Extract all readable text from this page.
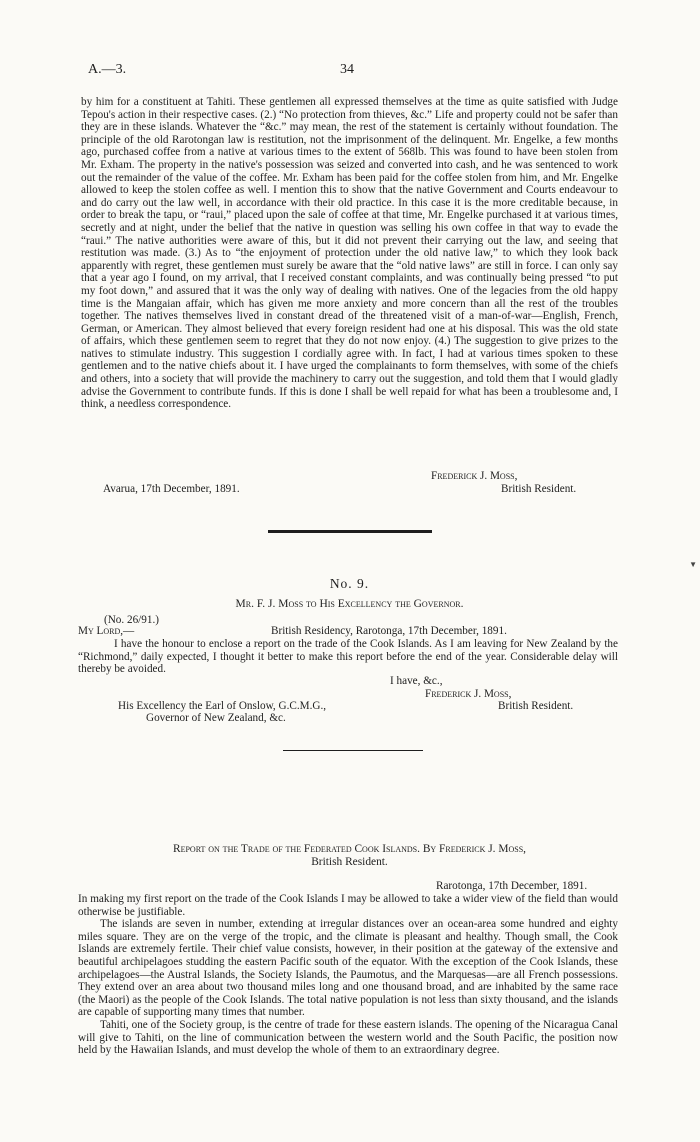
A.—3.	34

by him for a constituent at Tahiti. These gentlemen all expressed themselves at the time as quite satisfied with Judge Tepou's action in their respective cases. (2.) “No protection from thieves, &c.” Life and property could not be safer than they are in these islands. Whatever the “&c.” may mean, the rest of the statement is certainly without foundation. The principle of the old Rarotongan law is restitution, not the imprisonment of the delinquent. Mr. Engelke, a few months ago, purchased coffee from a native at various times to the extent of 568lb. This was found to have been stolen from Mr. Exham. The property in the native's possession was seized and converted into cash, and he was sentenced to work out the remainder of the value of the coffee. Mr. Exham has been paid for the coffee stolen from him, and Mr. Engelke allowed to keep the stolen coffee as well. I mention this to show that the native Government and Courts endeavour to and do carry out the law well, in accordance with their old practice. In this case it is the more creditable because, in order to break the tapu, or “raui,” placed upon the sale of coffee at that time, Mr. Engelke purchased it at various times, secretly and at night, under the belief that the native in question was selling his own coffee in that way to evade the “raui.” The native authorities were aware of this, but it did not prevent their carrying out the law, and seeing that restitution was made. (3.) As to “the enjoyment of protection under the old native law,” to which they look back apparently with regret, these gentlemen must surely be aware that the “old native laws” are still in force. I can only say that a year ago I found, on my arrival, that I received constant complaints, and was continually being pressed “to put my foot down,” and assured that it was the only way of dealing with natives. One of the legacies from the old happy time is the Mangaian affair, which has given me more anxiety and more concern than all the rest of the troubles together. The natives themselves lived in constant dread of the threatened visit of a man-of-war—English, French, German, or American. They almost believed that every foreign resident had one at his disposal. This was the old state of affairs, which these gentlemen seem to regret that they do not now enjoy. (4.) The suggestion to give prizes to the natives to stimulate industry. This suggestion I cordially agree with. In fact, I had at various times spoken to these gentlemen and to the native chiefs about it. I have urged the complainants to form themselves, with some of the chiefs and others, into a society that will provide the machinery to carry out the suggestion, and told them that I would gladly advise the Government to contribute funds. If this is done I shall be well repaid for what has been a troublesome and, I think, a needless correspondence.

Frederick J. Moss,
Avarua, 17th December, 1891.	British Resident.
No. 9.
Mr. F. J. Moss to His Excellency the Governor.
(No. 26/91.)
My Lord,—	British Residency, Rarotonga, 17th December, 1891.

I have the honour to enclose a report on the trade of the Cook Islands. As I am leaving for New Zealand by the “Richmond,” daily expected, I thought it better to make this report before the end of the year. Considerable delay will thereby be avoided.

I have, &c.,
Frederick J. Moss,
His Excellency the Earl of Onslow, G.C.M.G.,	British Resident.
Governor of New Zealand, &c.
Report on the Trade of the Federated Cook Islands. By Frederick J. Moss,
British Resident.
Rarotonga, 17th December, 1891.

In making my first report on the trade of the Cook Islands I may be allowed to take a wider view of the field than would otherwise be justifiable.

The islands are seven in number, extending at irregular distances over an ocean-area some hundred and eighty miles square. They are on the verge of the tropic, and the climate is pleasant and healthy. Though small, the Cook Islands are extremely fertile. Their chief value consists, however, in their position at the gateway of the extensive and beautiful archipelagoes studding the eastern Pacific south of the equator. With the exception of the Cook Islands, these archipelagoes—the Austral Islands, the Society Islands, the Paumotus, and the Marquesas—are all French possessions. They extend over an area about two thousand miles long and one thousand broad, and are inhabited by the same race (the Maori) as the people of the Cook Islands. The total native population is not less than sixty thousand, and the islands are capable of supporting many times that number.

Tahiti, one of the Society group, is the centre of trade for these eastern islands. The opening of the Nicaragua Canal will give to Tahiti, on the line of communication between the western world and the South Pacific, the position now held by the Hawaiian Islands, and must develop the whole of them to an extraordinary degree.

▼
